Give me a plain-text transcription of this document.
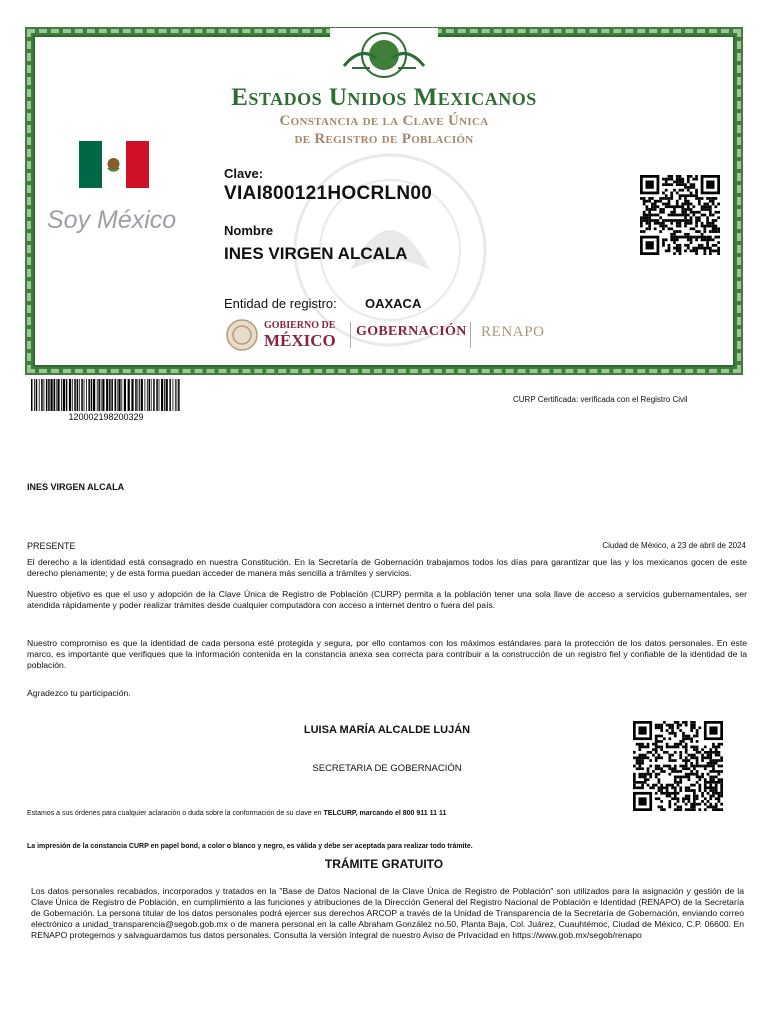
Estados Unidos Mexicanos
Constancia de la Clave Única
de Registro de Población
Soy México
Clave:
VIAI800121HOCRLN00
Nombre
INES VIRGEN ALCALA
Entidad de registro: OAXACA
GOBIERNO DE
MÉXICO GOBERNACIÓN RENAPO
120002198200329
CURP Certificada: verificada con el Registro Civil
INES VIRGEN ALCALA
PRESENTE	Ciudad de México, a 23 de abril de 2024
El derecho a la identidad está consagrado en nuestra Constitución. En la Secretaría de Gobernación trabajamos todos los días para garantizar que las y los mexicanos gocen de este derecho plenamente; y de esta forma puedan acceder de manera más sencilla a trámites y servicios.
Nuestro objetivo es que el uso y adopción de la Clave Única de Registro de Población (CURP) permita a la población tener una sola llave de acceso a servicios gubernamentales, ser atendida rápidamente y poder realizar trámites desde cualquier computadora con acceso a internet dentro o fuera del país.
Nuestro compromiso es que la identidad de cada persona esté protegida y segura, por ello contamos con los máximos estándares para la protección de los datos personales. En este marco, es importante que verifiques que la información contenida en la constancia anexa sea correcta para contribuir a la construcción de un registro fiel y confiable de la identidad de la población.
Agradezco tu participación.
LUISA MARÍA ALCALDE LUJÁN
SECRETARIA DE GOBERNACIÓN
Estamos a sus órdenes para cualquier aclaración o duda sobre la conformación de su clave en TELCURP, marcando el 800 911 11 11
La impresión de la constancia CURP en papel bond, a color o blanco y negro, es válida y debe ser aceptada para realizar todo trámite.
TRÁMITE GRATUITO
Los datos personales recabados, incorporados y tratados en la "Base de Datos Nacional de la Clave Única de Registro de Población" son utilizados para la asignación y gestión de la Clave Única de Registro de Población, en cumplimiento a las funciones y atribuciones de la Dirección General del Registro Nacional de Población e Identidad (RENAPO) de la Secretaría de Gobernación. La persona titular de los datos personales podrá ejercer sus derechos ARCOP a través de la Unidad de Transparencia de la Secretaría de Gobernación, enviando correo electrónico a unidad_transparencia@segob.gob.mx o de manera personal en la calle Abraham González no.50, Planta Baja, Col. Juárez, Cuauhtémoc, Ciudad de México, C.P. 06600. En RENAPO protegemos y salvaguardamos tus datos personales. Consulta la versión íntegral de nuestro Aviso de Privacidad en https://www.gob.mx/segob/renapo
